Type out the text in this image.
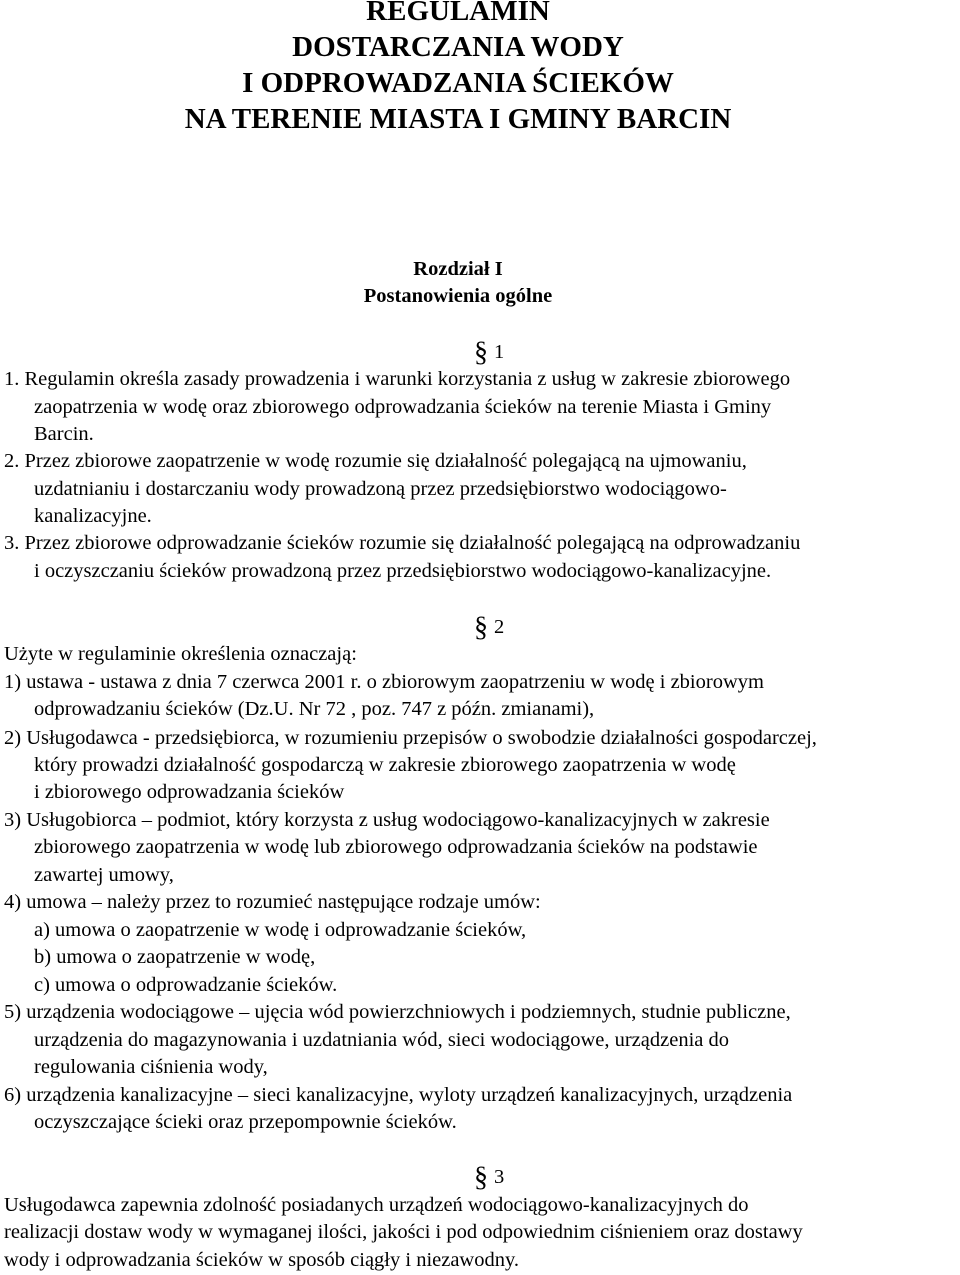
REGULAMIN
DOSTARCZANIA WODY
I ODPROWADZANIA ŚCIEKÓW
NA TERENIE MIASTA I GMINY BARCIN
Rozdział I
Postanowienia ogólne
§ 1
1. Regulamin określa zasady prowadzenia i warunki korzystania z usług w zakresie zbiorowego
zaopatrzenia w wodę oraz zbiorowego odprowadzania ścieków na terenie Miasta i Gminy
Barcin.
2. Przez zbiorowe zaopatrzenie w wodę rozumie się działalność polegającą na ujmowaniu,
uzdatnianiu i dostarczaniu wody prowadzoną przez przedsiębiorstwo wodociągowo-
kanalizacyjne.
3. Przez zbiorowe odprowadzanie ścieków rozumie się działalność polegającą na odprowadzaniu
i oczyszczaniu ścieków prowadzoną przez przedsiębiorstwo wodociągowo-kanalizacyjne.
§ 2
Użyte w regulaminie określenia oznaczają:
1) ustawa - ustawa z dnia 7 czerwca 2001 r. o zbiorowym zaopatrzeniu w wodę i zbiorowym
odprowadzaniu ścieków (Dz.U. Nr 72 , poz. 747 z późn. zmianami),
2) Usługodawca - przedsiębiorca, w rozumieniu przepisów o swobodzie działalności gospodarczej,
który prowadzi działalność gospodarczą w zakresie zbiorowego zaopatrzenia w wodę
i zbiorowego odprowadzania ścieków
3) Usługobiorca – podmiot, który korzysta z usług wodociągowo-kanalizacyjnych w zakresie
zbiorowego zaopatrzenia w wodę lub zbiorowego odprowadzania ścieków na podstawie
zawartej umowy,
4) umowa – należy przez to rozumieć następujące rodzaje umów:
a) umowa o zaopatrzenie w wodę i odprowadzanie ścieków,
b) umowa o zaopatrzenie w wodę,
c) umowa o odprowadzanie ścieków.
5) urządzenia wodociągowe – ujęcia wód powierzchniowych i podziemnych, studnie publiczne,
urządzenia do magazynowania i uzdatniania wód, sieci wodociągowe, urządzenia do
regulowania ciśnienia wody,
6) urządzenia kanalizacyjne – sieci kanalizacyjne, wyloty urządzeń kanalizacyjnych, urządzenia
oczyszczające ścieki oraz przepompownie ścieków.
§ 3
Usługodawca zapewnia zdolność posiadanych urządzeń wodociągowo-kanalizacyjnych do
realizacji dostaw wody w wymaganej ilości, jakości i pod odpowiednim ciśnieniem oraz dostawy
wody i odprowadzania ścieków w sposób ciągły i niezawodny.
